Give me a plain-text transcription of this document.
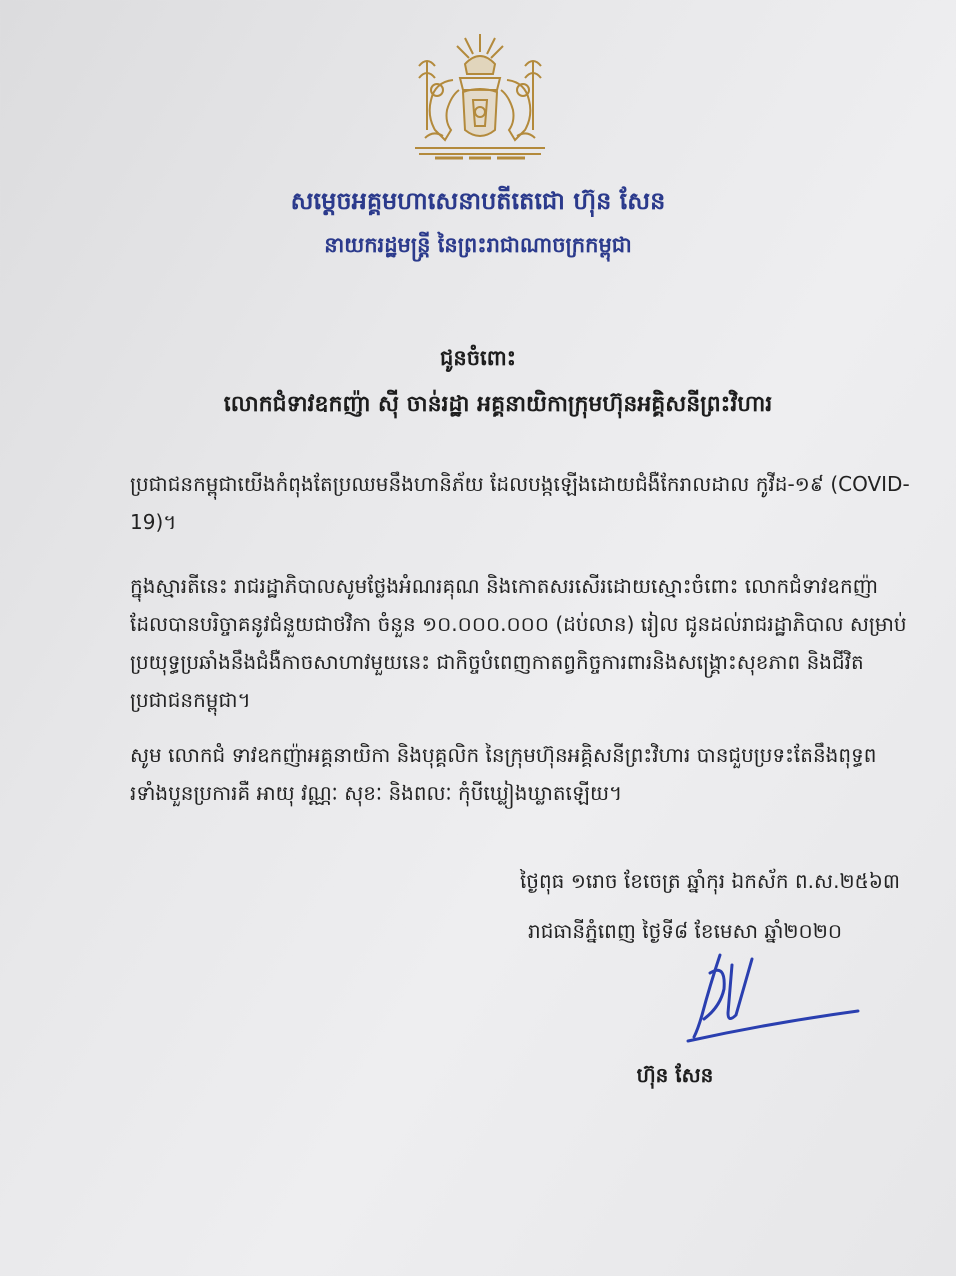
សម្តេចអគ្គមហាសេនាបតីតេជោ ហ៊ុន សែន
នាយករដ្ឋមន្ត្រី នៃព្រះរាជាណាចក្រកម្ពុជា
ជូនចំពោះ
លោកជំទាវឧកញ៉ា ស៊ី ចាន់រដ្ឋា អគ្គនាយិកាក្រុមហ៊ុនអគ្គិសនីព្រះវិហារ
ប្រជាជនកម្ពុជាយើងកំពុងតែប្រឈមនឹងហានិភ័យ ដែលបង្កឡើងដោយជំងឺកែរាលដាល កូវីដ-១៩ (COVID-19)។
ក្នុងស្មារតីនេះ រាជរដ្ឋាភិបាលសូមថ្លែងអំណរគុណ និងកោតសរសើរដោយស្មោះចំពោះ លោកជំទាវឧកញ៉ា ដែលបានបរិច្ចាគនូវជំនួយជាថវិកា ចំនួន ១០.០០០.០០០ (ដប់លាន) រៀល ជូនដល់រាជរដ្ឋាភិបាល សម្រាប់ប្រយុទ្ធប្រឆាំងនឹងជំងឺកាចសាហាវមួយនេះ ជាកិច្ចបំពេញកាតព្វកិច្ចការពារនិងសង្គ្រោះសុខភាព និងជីវិតប្រជាជនកម្ពុជា។
សូម លោកជំ ទាវឧកញ៉ាអគ្គនាយិកា និងបុគ្គលិក នៃក្រុមហ៊ុនអគ្គិសនីព្រះវិហារ បានជួបប្រទះតែនឹងពុទ្ធពរទាំងបួនប្រការគឺ អាយុ វណ្ណៈ សុខៈ និងពលៈ កុំបីឃ្លៀងឃ្លាតឡើយ។
ថ្ងៃពុធ ១រោច ខែចេត្រ ឆ្នាំកុរ ឯកស័ក ព.ស.២៥៦៣
រាជធានីភ្នំពេញ ថ្ងៃទី៨ ខែមេសា ឆ្នាំ២០២០
ហ៊ុន សែន
